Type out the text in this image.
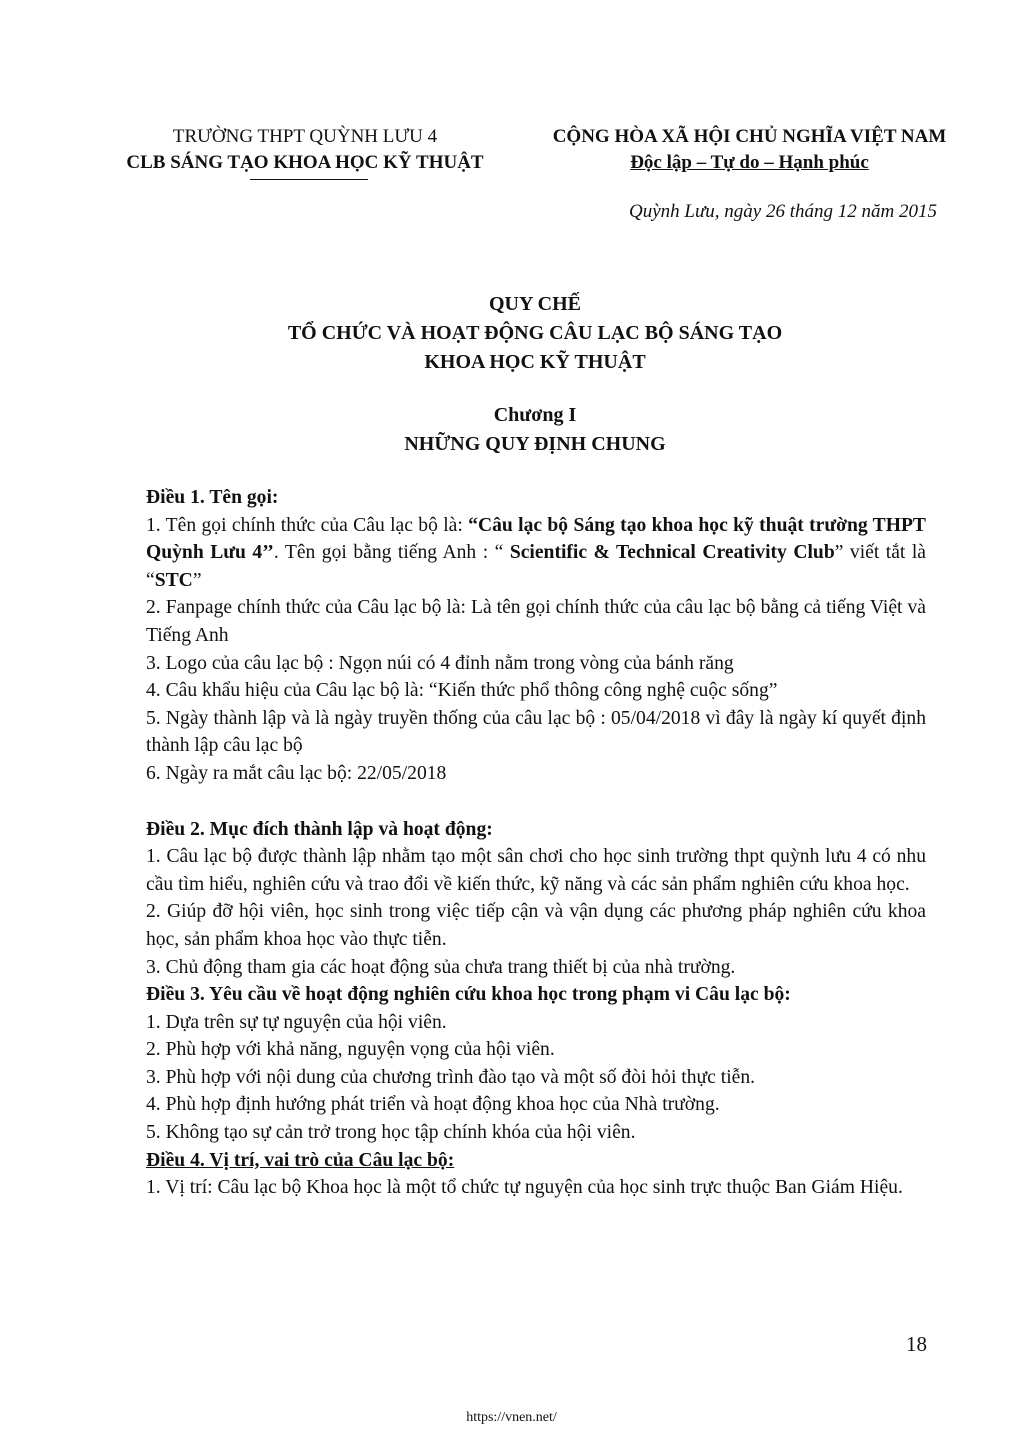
TRƯỜNG THPT QUỲNH LƯU 4
CLB SÁNG TẠO KHOA HỌC KỸ THUẬT
CỘNG HÒA XÃ HỘI CHỦ NGHĨA VIỆT NAM
Độc lập – Tự do – Hạnh phúc
Quỳnh Lưu, ngày 26 tháng 12 năm 2015
QUY CHẾ
TỔ CHỨC VÀ HOẠT ĐỘNG CÂU LẠC BỘ SÁNG TẠO
KHOA HỌC KỸ THUẬT
Chương I
NHỮNG QUY ĐỊNH CHUNG

Điều 1. Tên gọi:

1. Tên gọi chính thức của Câu lạc bộ là: “Câu lạc bộ Sáng tạo khoa học kỹ thuật trường THPT Quỳnh Lưu 4’’. Tên gọi bằng tiếng Anh : “ Scientific & Technical Creativity Club” viết tắt là “STC”

2. Fanpage chính thức của Câu lạc bộ là: Là tên gọi chính thức của câu lạc bộ bằng cả tiếng Việt và Tiếng Anh

3. Logo của câu lạc bộ : Ngọn núi có 4 đỉnh nằm trong vòng của bánh răng

4. Câu khẩu hiệu của Câu lạc bộ là: “Kiến thức phổ thông công nghệ cuộc sống”

5. Ngày thành lập và là ngày truyền thống của câu lạc bộ : 05/04/2018 vì đây là ngày kí quyết định thành lập câu lạc bộ

6. Ngày ra mắt câu lạc bộ: 22/05/2018

Điều 2. Mục đích thành lập và hoạt động:

1. Câu lạc bộ được thành lập nhằm tạo một sân chơi cho học sinh trường thpt quỳnh lưu 4 có nhu cầu tìm hiểu, nghiên cứu và trao đổi về kiến thức, kỹ năng và các sản phẩm nghiên cứu khoa học.

2. Giúp đỡ hội viên, học sinh trong việc tiếp cận và vận dụng các phương pháp nghiên cứu khoa học, sản phẩm khoa học vào thực tiễn.

3. Chủ động tham gia các hoạt động sủa chưa trang thiết bị của nhà trường.

Điều 3. Yêu cầu về hoạt động nghiên cứu khoa học trong phạm vi Câu lạc bộ:

1. Dựa trên sự tự nguyện của hội viên.

2. Phù hợp với khả năng, nguyện vọng của hội viên.

3. Phù hợp với nội dung của chương trình đào tạo và một số đòi hỏi thực tiễn.

4. Phù hợp định hướng phát triển và hoạt động khoa học của Nhà trường.

5. Không tạo sự cản trở trong học tập chính khóa của hội viên.

Điều 4. Vị trí, vai trò của Câu lạc bộ:

1. Vị trí: Câu lạc bộ Khoa học là một tổ chức tự nguyện của học sinh trực thuộc Ban Giám Hiệu.

18
https://vnen.net/
